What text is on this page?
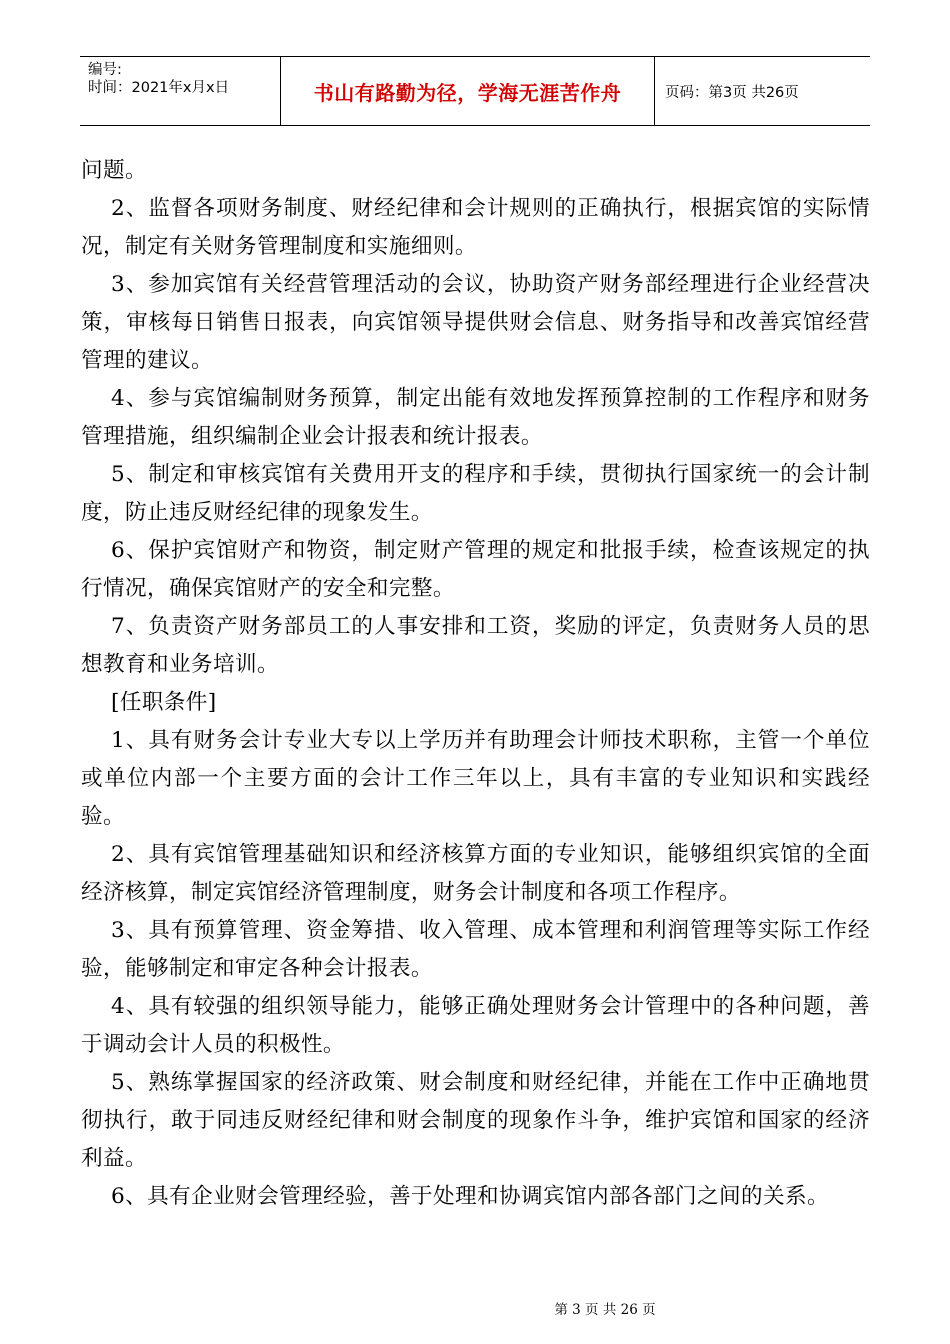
编号:
时间：2021年x月x日	书山有路勤为径，学海无涯苦作舟	页码：第3页 共26页

问题。

2、监督各项财务制度、财经纪律和会计规则的正确执行，根据宾馆的实际情况，制定有关财务管理制度和实施细则。

3、参加宾馆有关经营管理活动的会议，协助资产财务部经理进行企业经营决策，审核每日销售日报表，向宾馆领导提供财会信息、财务指导和改善宾馆经营管理的建议。

4、参与宾馆编制财务预算，制定出能有效地发挥预算控制的工作程序和财务管理措施，组织编制企业会计报表和统计报表。

5、制定和审核宾馆有关费用开支的程序和手续，贯彻执行国家统一的会计制度，防止违反财经纪律的现象发生。

6、保护宾馆财产和物资，制定财产管理的规定和批报手续，检查该规定的执行情况，确保宾馆财产的安全和完整。

7、负责资产财务部员工的人事安排和工资，奖励的评定，负责财务人员的思想教育和业务培训。

[任职条件]

1、具有财务会计专业大专以上学历并有助理会计师技术职称，主管一个单位或单位内部一个主要方面的会计工作三年以上，具有丰富的专业知识和实践经验。

2、具有宾馆管理基础知识和经济核算方面的专业知识，能够组织宾馆的全面经济核算，制定宾馆经济管理制度，财务会计制度和各项工作程序。

3、具有预算管理、资金筹措、收入管理、成本管理和利润管理等实际工作经验，能够制定和审定各种会计报表。

4、具有较强的组织领导能力，能够正确处理财务会计管理中的各种问题，善于调动会计人员的积极性。

5、熟练掌握国家的经济政策、财会制度和财经纪律，并能在工作中正确地贯彻执行，敢于同违反财经纪律和财会制度的现象作斗争，维护宾馆和国家的经济利益。

6、具有企业财会管理经验，善于处理和协调宾馆内部各部门之间的关系。

第 3 页 共 26 页
